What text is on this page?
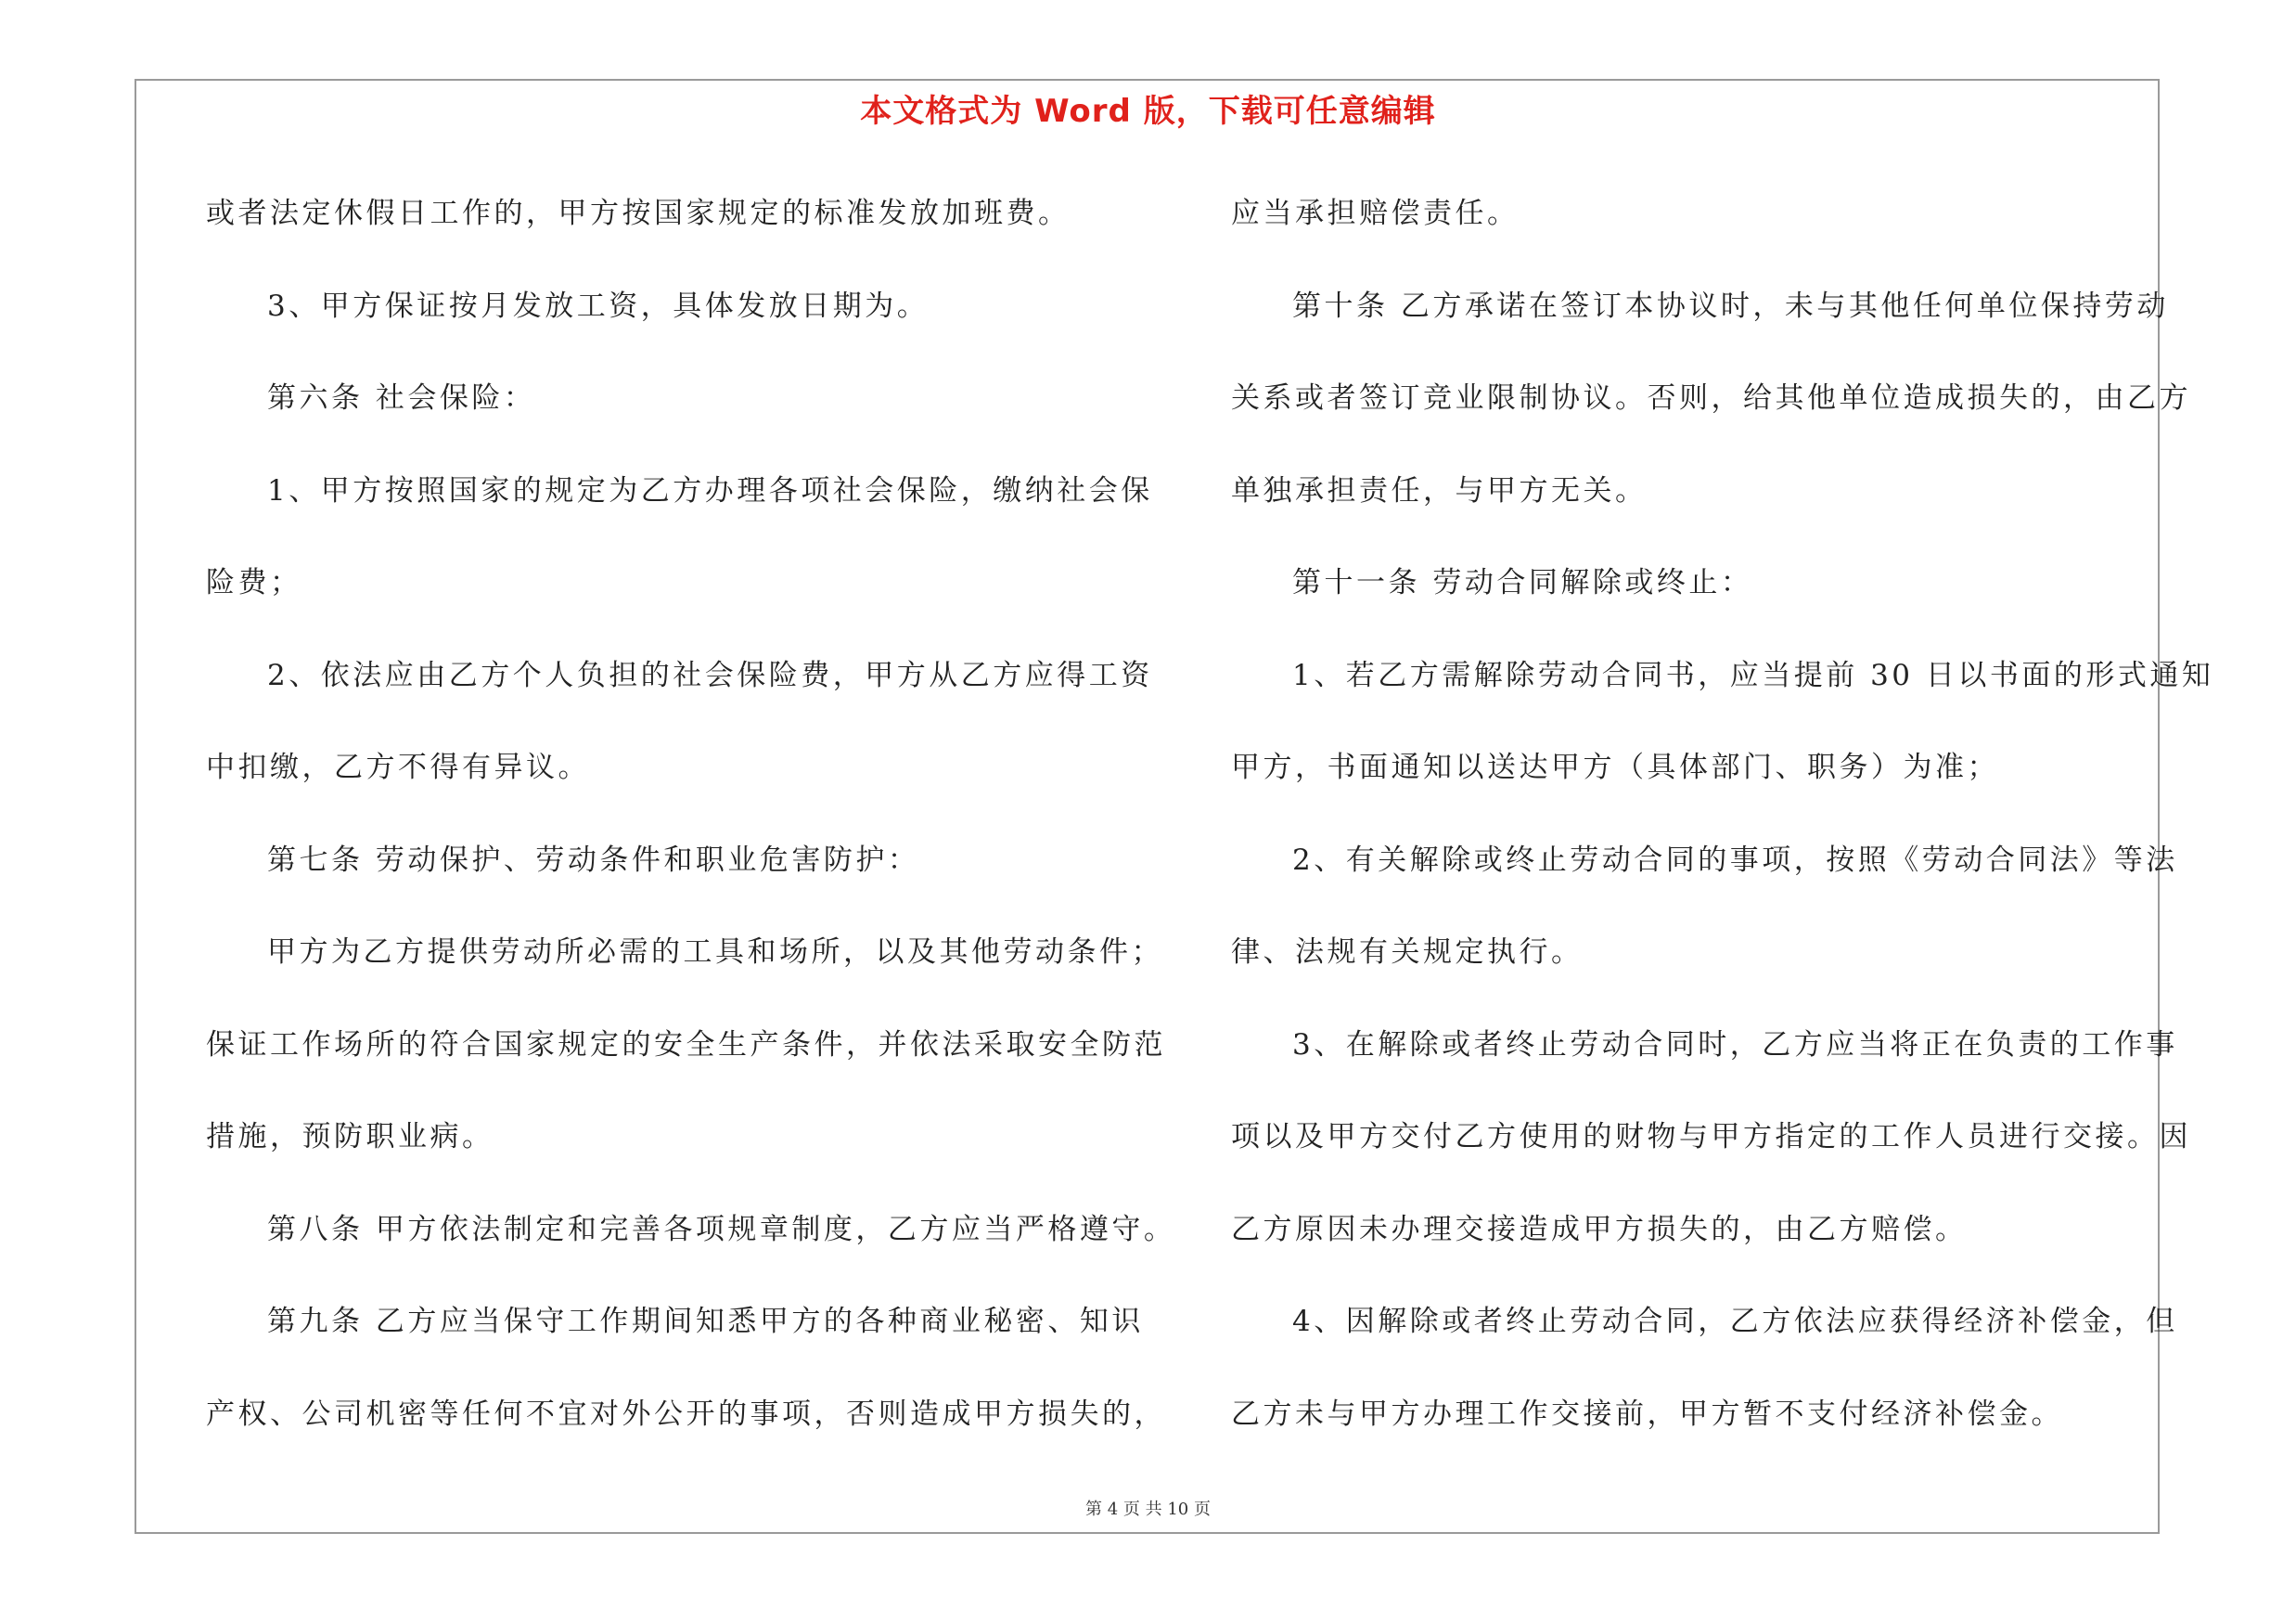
本文格式为 Word 版，下载可任意编辑
或者法定休假日工作的，甲方按国家规定的标准发放加班费。
3、甲方保证按月发放工资，具体发放日期为。
第六条 社会保险：
1、甲方按照国家的规定为乙方办理各项社会保险，缴纳社会保
险费；
2、依法应由乙方个人负担的社会保险费，甲方从乙方应得工资
中扣缴，乙方不得有异议。
第七条 劳动保护、劳动条件和职业危害防护：
甲方为乙方提供劳动所必需的工具和场所，以及其他劳动条件；
保证工作场所的符合国家规定的安全生产条件，并依法采取安全防范
措施，预防职业病。
第八条 甲方依法制定和完善各项规章制度，乙方应当严格遵守。
第九条 乙方应当保守工作期间知悉甲方的各种商业秘密、知识
产权、公司机密等任何不宜对外公开的事项，否则造成甲方损失的，
应当承担赔偿责任。
第十条 乙方承诺在签订本协议时，未与其他任何单位保持劳动
关系或者签订竞业限制协议。否则，给其他单位造成损失的，由乙方
单独承担责任，与甲方无关。
第十一条 劳动合同解除或终止：
1、若乙方需解除劳动合同书，应当提前 30 日以书面的形式通知
甲方，书面通知以送达甲方（具体部门、职务）为准；
2、有关解除或终止劳动合同的事项，按照《劳动合同法》等法
律、法规有关规定执行。
3、在解除或者终止劳动合同时，乙方应当将正在负责的工作事
项以及甲方交付乙方使用的财物与甲方指定的工作人员进行交接。因
乙方原因未办理交接造成甲方损失的，由乙方赔偿。
4、因解除或者终止劳动合同，乙方依法应获得经济补偿金，但
乙方未与甲方办理工作交接前，甲方暂不支付经济补偿金。
第 4 页 共 10 页
